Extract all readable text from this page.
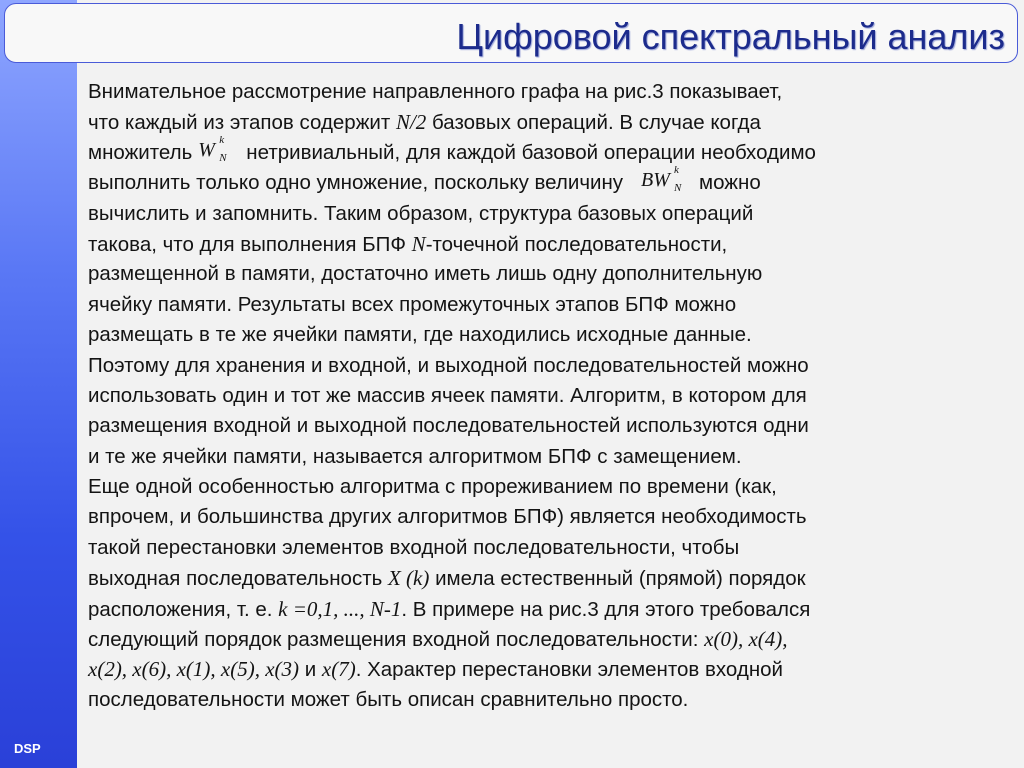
DSP
Цифровой спектральный анализ
Внимательное рассмотрение направленного графа на рис.3 показывает,
что каждый из этапов содержит N/2 базовых операций. В случае когда
множитель W k
N нетривиальный, для каждой базовой операции необходимо
выполнить только одно умножение, поскольку величину BW k
N можно
вычислить и запомнить. Таким образом, структура базовых операций
такова, что для выполнения БПФ N-точечной последовательности,
размещенной в памяти, достаточно иметь лишь одну дополнительную
ячейку памяти. Результаты всех промежуточных этапов БПФ можно
размещать в те же ячейки памяти, где находились исходные данные.
Поэтому для хранения и входной, и выходной последовательностей можно
использовать один и тот же массив ячеек памяти. Алгоритм, в котором для
размещения входной и выходной последовательностей используются одни
и те же ячейки памяти, называется алгоритмом БПФ с замещением.
Еще одной особенностью алгоритма с прореживанием по времени (как,
впрочем, и большинства других алгоритмов БПФ) является необходимость
такой перестановки элементов входной последовательности, чтобы
выходная последовательность X (k) имела естественный (прямой) порядок
расположения, т. е. k =0,1, ..., N-1. В примере на рис.3 для этого требовался
следующий порядок размещения входной последовательности: x(0), x(4),
x(2), x(6), x(1), x(5), x(3) и x(7). Характер перестановки элементов входной
последовательности может быть описан сравнительно просто.
